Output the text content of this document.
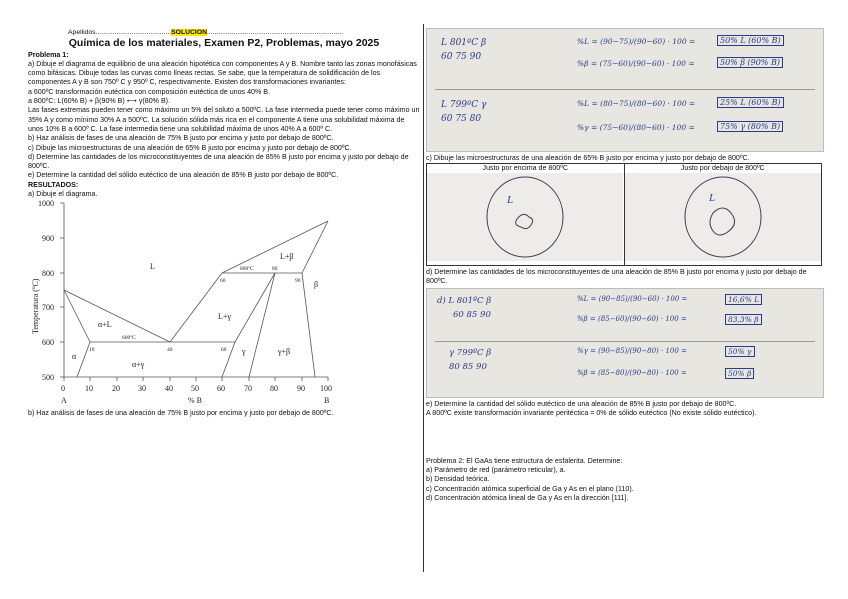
Apellidos........................................SOLUCION........................................................................
Química de los materiales, Examen P2, Problemas, mayo 2025

Problema 1:

a) Dibuje el diagrama de equilibrio de una aleación hipotética con componentes A y B. Nombre tanto las zonas monofásicas como bifásicas. Dibuje todas las curvas como líneas rectas. Se sabe, que la temperatura de solidificación de los componentes A y B son 750º C y 950º C, respectivamente. Existen dos transformaciones invariantes:

a 600ºC transformación eutéctica con composición eutéctica de unos 40% B.

a 800ºC: L(60% B) + β(90% B) ⟷ γ(80% B).

Las fases extremas pueden tener como máximo un 5% del soluto a 500ºC. La fase intermedia puede tener como máximo un 35% A y como mínimo 30% A a 500ºC. La solución sólida más rica en el componente A tiene una solubilidad máxima de unos 10% B a 600º C. La fase intermedia tiene una solubilidad máxima de unos 40% A a 600º C.

b) Haz análisis de fases de una aleación de 75% B justo por encima y justo por debajo de 800ºC.

c) Dibuje las microestructuras de una aleación de 65% B justo por encima y justo por debajo de 800ºC.

d) Determine las cantidades de los microconstituyentes de una aleación de 85% B justo por encima y justo por debajo de 800ºC.

e) Determine la cantidad del sólido eutéctico de una aleación de 85% B justo por debajo de 800ºC.

RESULTADOS:

a) Dibuje el diagrama.

Temperatura (ºC)
500
600
700
800
900
1000
0	10 20 30 40 50 60 70 80 90 100
A	% B	B
L
α+L
α
α+γ
L+γ
γ	γ+β
L+β
β
600ºC
800ºC
10	40	60
60
80
90

b) Haz análisis de fases de una aleación de 75% B justo por encima y justo por debajo de 800ºC.

L 801ºC β
60 75 90
%L = (90−75)/(90−60) · 100 =	50% L (60% B)
%β = (75−60)/(90−60) · 100 =	50% β (90% B)
L 799ºC γ
60 75 80
%L = (80−75)/(80−60) · 100 =	25% L (60% B)
%γ = (75−60)/(80−60) · 100 =	75% γ (80% B)

c) Dibuje las microestructuras de una aleación de 65% B justo por encima y justo por debajo de 800ºC.

Justo por encima de 800ºC
L

Justo por debajo de 800ºC
L

d) Determine las cantidades de los microconstituyentes de una aleación de 85% B justo por encima y justo por debajo de 800ºC.

d) L 801ºC β
60 85 90
%L = (90−85)/(90−60) · 100 =	16,6% L
%β = (85−60)/(90−60) · 100 =	83,3% β
γ 799ºC β
80 85 90
%γ = (90−85)/(90−80) · 100 =	50% γ
%β = (85−80)/(90−80) · 100 =	50% β

e) Determine la cantidad del sólido eutéctico de una aleación de 85% B justo por debajo de 800ºC.

A 800ºC existe transformación invariante peritéctica = 0% de sólido eutéctico (No existe sólido eutéctico).

Problema 2: El GaAs tiene estructura de esfalerita. Determine:

a) Parámetro de red (parámetro reticular), a.

b) Densidad teórica.

c) Concentración atómica superficial de Ga y As en el plano (110).

d) Concentración atómica lineal de Ga y As en la dirección [111].
